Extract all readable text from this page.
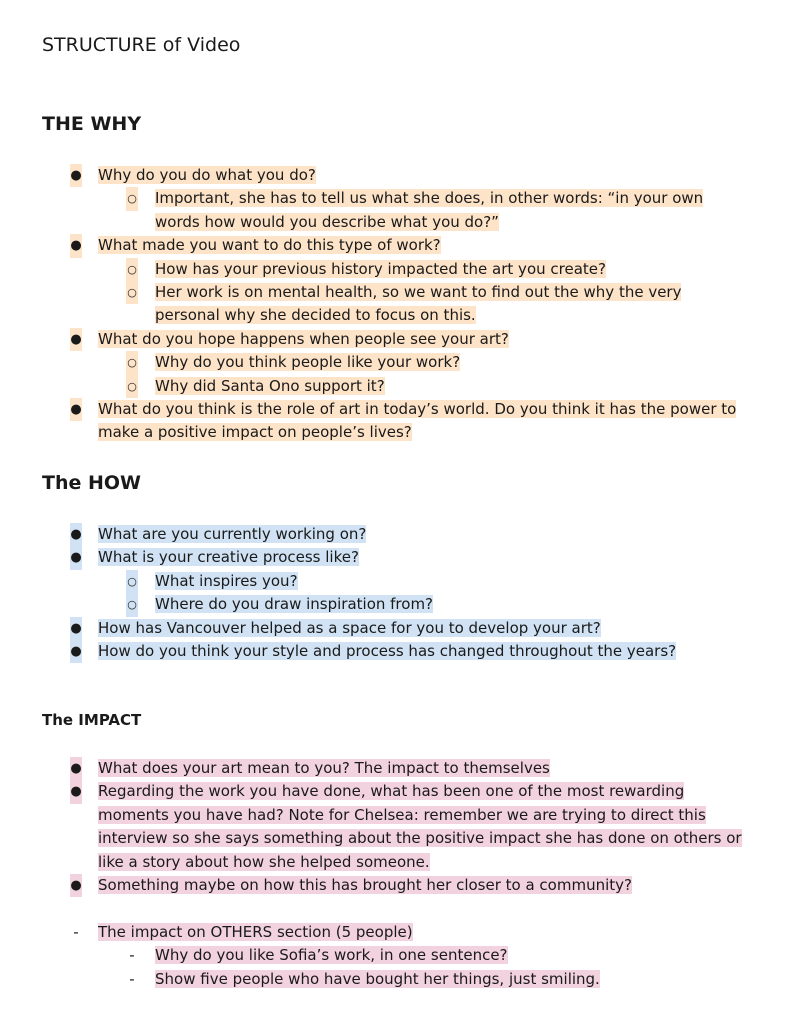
STRUCTURE of Video
THE WHY
● Why do you do what you do?
○ Important, she has to tell us what she does, in other words: “in your own words how would you describe what you do?”
● What made you want to do this type of work?
○ How has your previous history impacted the art you create?
○ Her work is on mental health, so we want to find out the why the very personal why she decided to focus on this.
● What do you hope happens when people see your art?
○ Why do you think people like your work?
○ Why did Santa Ono support it?
● What do you think is the role of art in today’s world. Do you think it has the power to make a positive impact on people’s lives?
The HOW
● What are you currently working on?
● What is your creative process like?
○ What inspires you?
○ Where do you draw inspiration from?
● How has Vancouver helped as a space for you to develop your art?
● How do you think your style and process has changed throughout the years?
The IMPACT
● What does your art mean to you? The impact to themselves
● Regarding the work you have done, what has been one of the most rewarding moments you have had? Note for Chelsea: remember we are trying to direct this interview so she says something about the positive impact she has done on others or like a story about how she helped someone.
● Something maybe on how this has brought her closer to a community?
- The impact on OTHERS section (5 people)
- Why do you like Sofia’s work, in one sentence?
- Show five people who have bought her things, just smiling.
